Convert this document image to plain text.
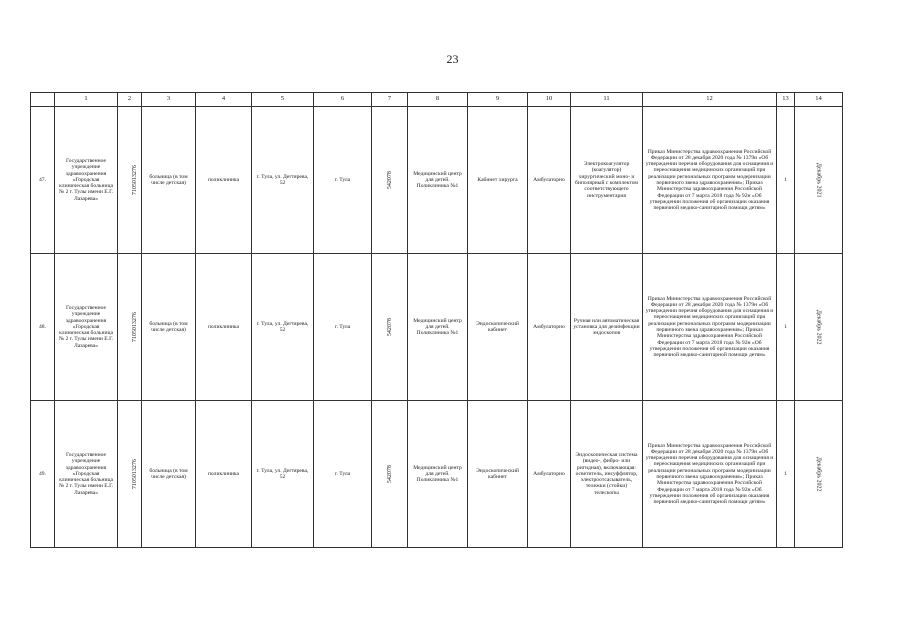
23
	1	2	3	4	5	6	7	8	9	10	11	12	13	14
47.	Государственное учреждение здравоохранения «Городская клиническая больница № 2 г. Тулы имени Е.Г. Лазарева»	7105013276	больница (в том числе детская)	поликлиника	г. Тула, ул. Дегтярева, 52	г. Тула	542078	Медицинский центр для детей. Поликлиника №1	Кабинет хирурга	Амбулаторно	Электрокоагулятор (коагулятор) хирургический моно- и биполярный с комплектом соответствующего инструментария	Приказ Министерства здравоохранения Российской Федерации от 28 декабря 2020 года № 1379н «Об утверждении перечня оборудования для оснащения и переоснащения медицинских организаций при реализации региональных программ модернизации первичного звена здравоохранения»; Приказ Министерства здравоохранения Российской Федерации от 7 марта 2018 года № 92н «Об утверждении положения об организации оказания первичной медико-санитарной помощи детям»	1	Декабрь 2021
48.	Государственное учреждение здравоохранения «Городская клиническая больница № 2 г. Тулы имени Е.Г. Лазарева»	7105013276	больница (в том числе детская)	поликлиника	г. Тула, ул. Дегтярева, 52	г. Тула	542078	Медицинский центр для детей. Поликлиника №1	Эндоскопический кабинет	Амбулаторно	Ручная или автоматическая установка для дезинфекции эндоскопов	Приказ Министерства здравоохранения Российской Федерации от 28 декабря 2020 года № 1379н «Об утверждении перечня оборудования для оснащения и переоснащения медицинских организаций при реализации региональных программ модернизации первичного звена здравоохранения»; Приказ Министерства здравоохранения Российской Федерации от 7 марта 2018 года № 92н «Об утверждении положения об организации оказания первичной медико-санитарной помощи детям»	1	Декабрь 2022
49.	Государственное учреждение здравоохранения «Городская клиническая больница № 2 г. Тулы имени Е.Г. Лазарева»	7105013276	больница (в том числе детская)	поликлиника	г. Тула, ул. Дегтярева, 52	г. Тула	542078	Медицинский центр для детей. Поликлиника №1	Эндоскопический кабинет	Амбулаторно	Эндоскопическая система (видео-, фибро- или ригидная), включающая: осветитель, инсуффлятор, электроотсасыватель, тележки (стойки) телескопы	Приказ Министерства здравоохранения Российской Федерации от 28 декабря 2020 года № 1379н «Об утверждении перечня оборудования для оснащения и переоснащения медицинских организаций при реализации региональных программ модернизации первичного звена здравоохранения»; Приказ Министерства здравоохранения Российской Федерации от 7 марта 2018 года № 92н «Об утверждении положения об организации оказания первичной медико-санитарной помощи детям»	1	Декабрь 2022
